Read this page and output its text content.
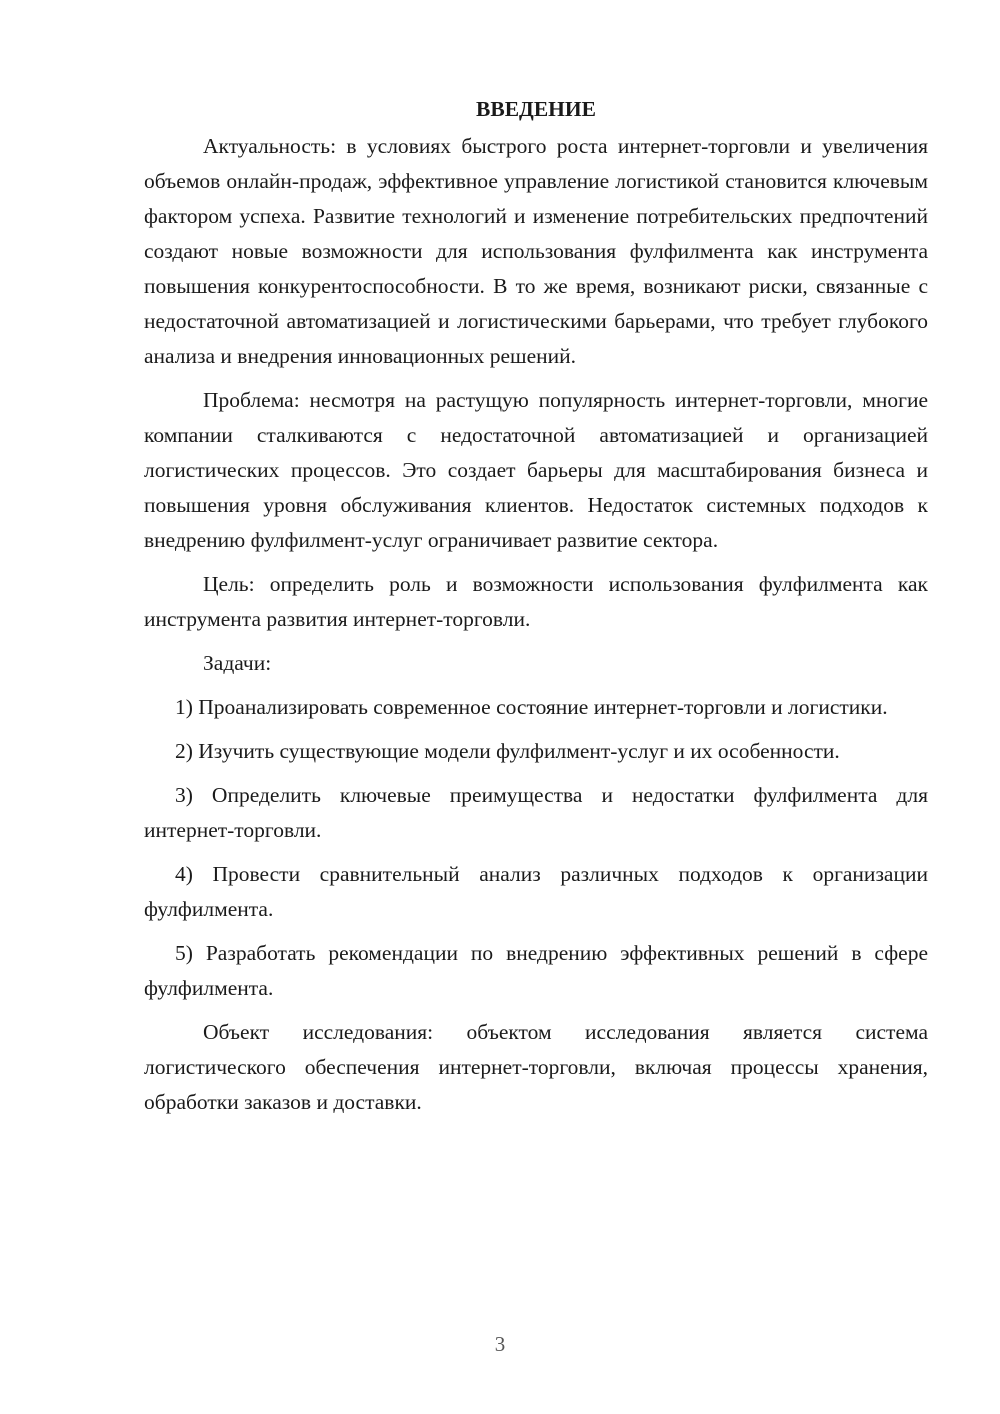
ВВЕДЕНИЕ

Актуальность: в условиях быстрого роста интернет-торговли и увеличения объемов онлайн-продаж, эффективное управление логистикой становится ключевым фактором успеха. Развитие технологий и изменение потребительских предпочтений создают новые возможности для использования фулфилмента как инструмента повышения конкурентоспособности. В то же время, возникают риски, связанные с недостаточной автоматизацией и логистическими барьерами, что требует глубокого анализа и внедрения инновационных решений.

Проблема: несмотря на растущую популярность интернет-торговли, многие компании сталкиваются с недостаточной автоматизацией и организацией логистических процессов. Это создает барьеры для масштабирования бизнеса и повышения уровня обслуживания клиентов. Недостаток системных подходов к внедрению фулфилмент-услуг ограничивает развитие сектора.

Цель: определить роль и возможности использования фулфилмента как инструмента развития интернет-торговли.

Задачи:

1) Проанализировать современное состояние интернет-торговли и логистики.

2) Изучить существующие модели фулфилмент-услуг и их особенности.

3) Определить ключевые преимущества и недостатки фулфилмента для интернет-торговли.

4) Провести сравнительный анализ различных подходов к организации фулфилмента.

5) Разработать рекомендации по внедрению эффективных решений в сфере фулфилмента.

Объект исследования: объектом исследования является система логистического обеспечения интернет-торговли, включая процессы хранения, обработки заказов и доставки.

3
